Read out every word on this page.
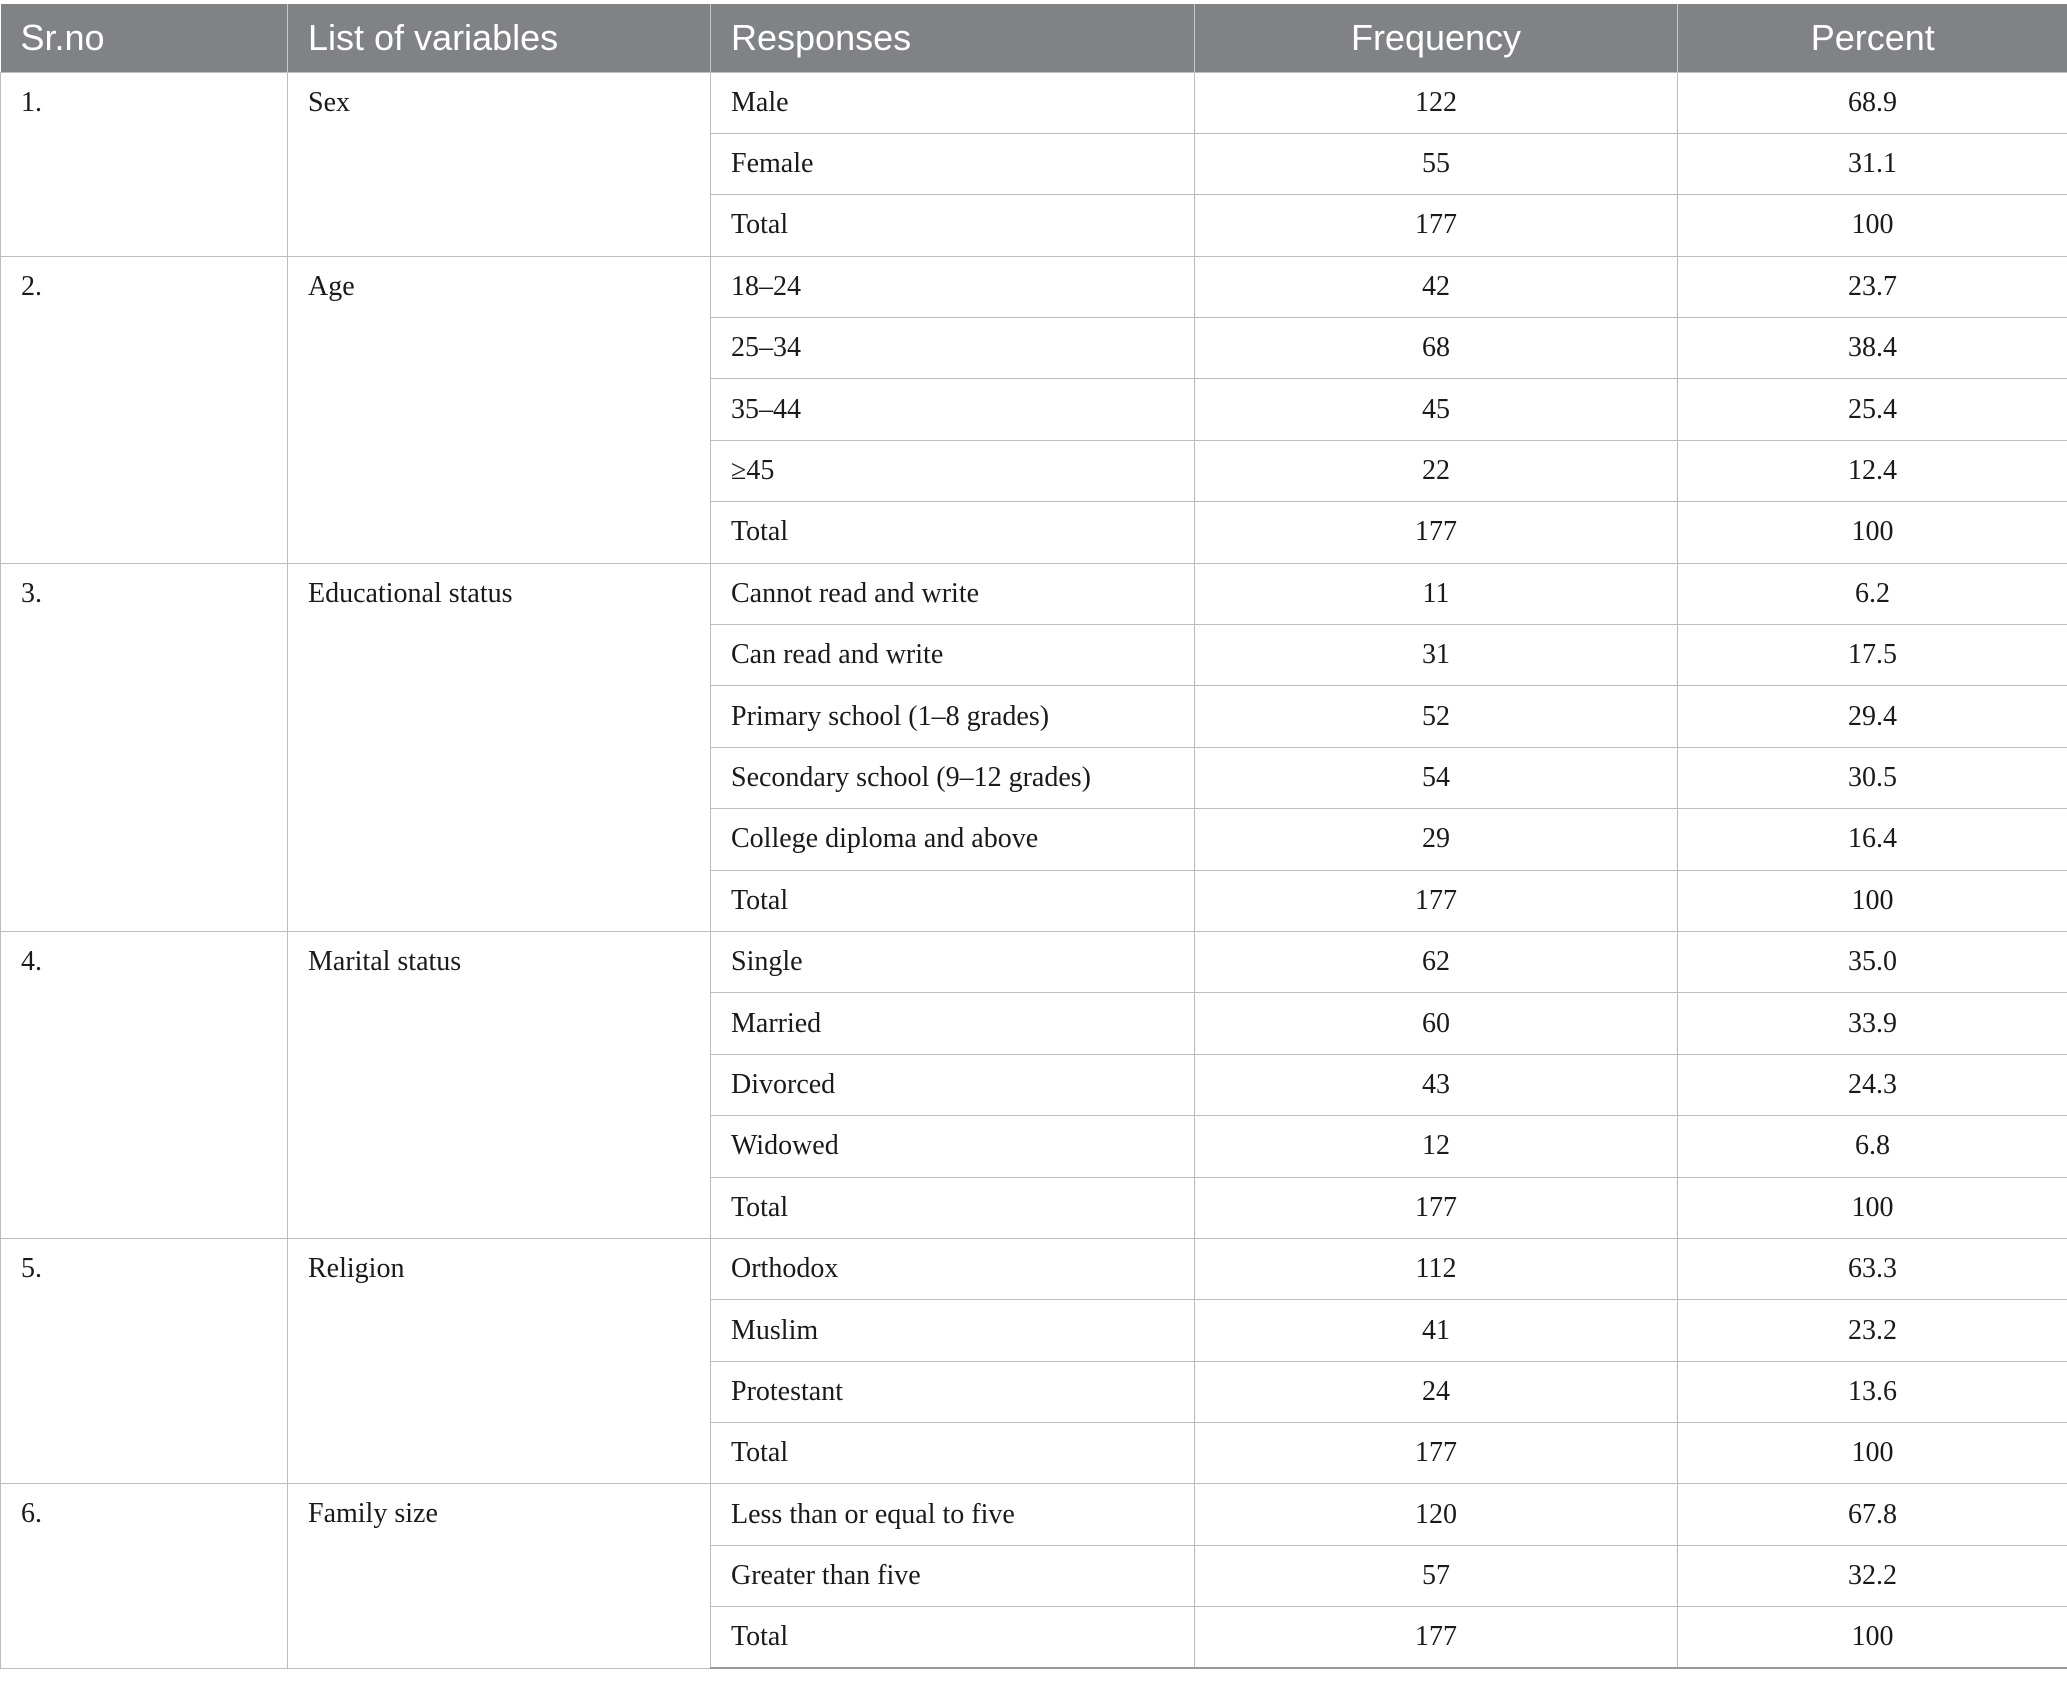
Sr.no	List of variables	Responses	Frequency	Percent
1.	Sex	Male	122	68.9
		Female	55	31.1
		Total	177	100
2.	Age	18–24	42	23.7
		25–34	68	38.4
		35–44	45	25.4
		≥45	22	12.4
		Total	177	100
3.	Educational status	Cannot read and write	11	6.2
		Can read and write	31	17.5
		Primary school (1–8 grades)	52	29.4
		Secondary school (9–12 grades)	54	30.5
		College diploma and above	29	16.4
		Total	177	100
4.	Marital status	Single	62	35.0
		Married	60	33.9
		Divorced	43	24.3
		Widowed	12	6.8
		Total	177	100
5.	Religion	Orthodox	112	63.3
		Muslim	41	23.2
		Protestant	24	13.6
		Total	177	100
6.	Family size	Less than or equal to five	120	67.8
		Greater than five	57	32.2
		Total	177	100
